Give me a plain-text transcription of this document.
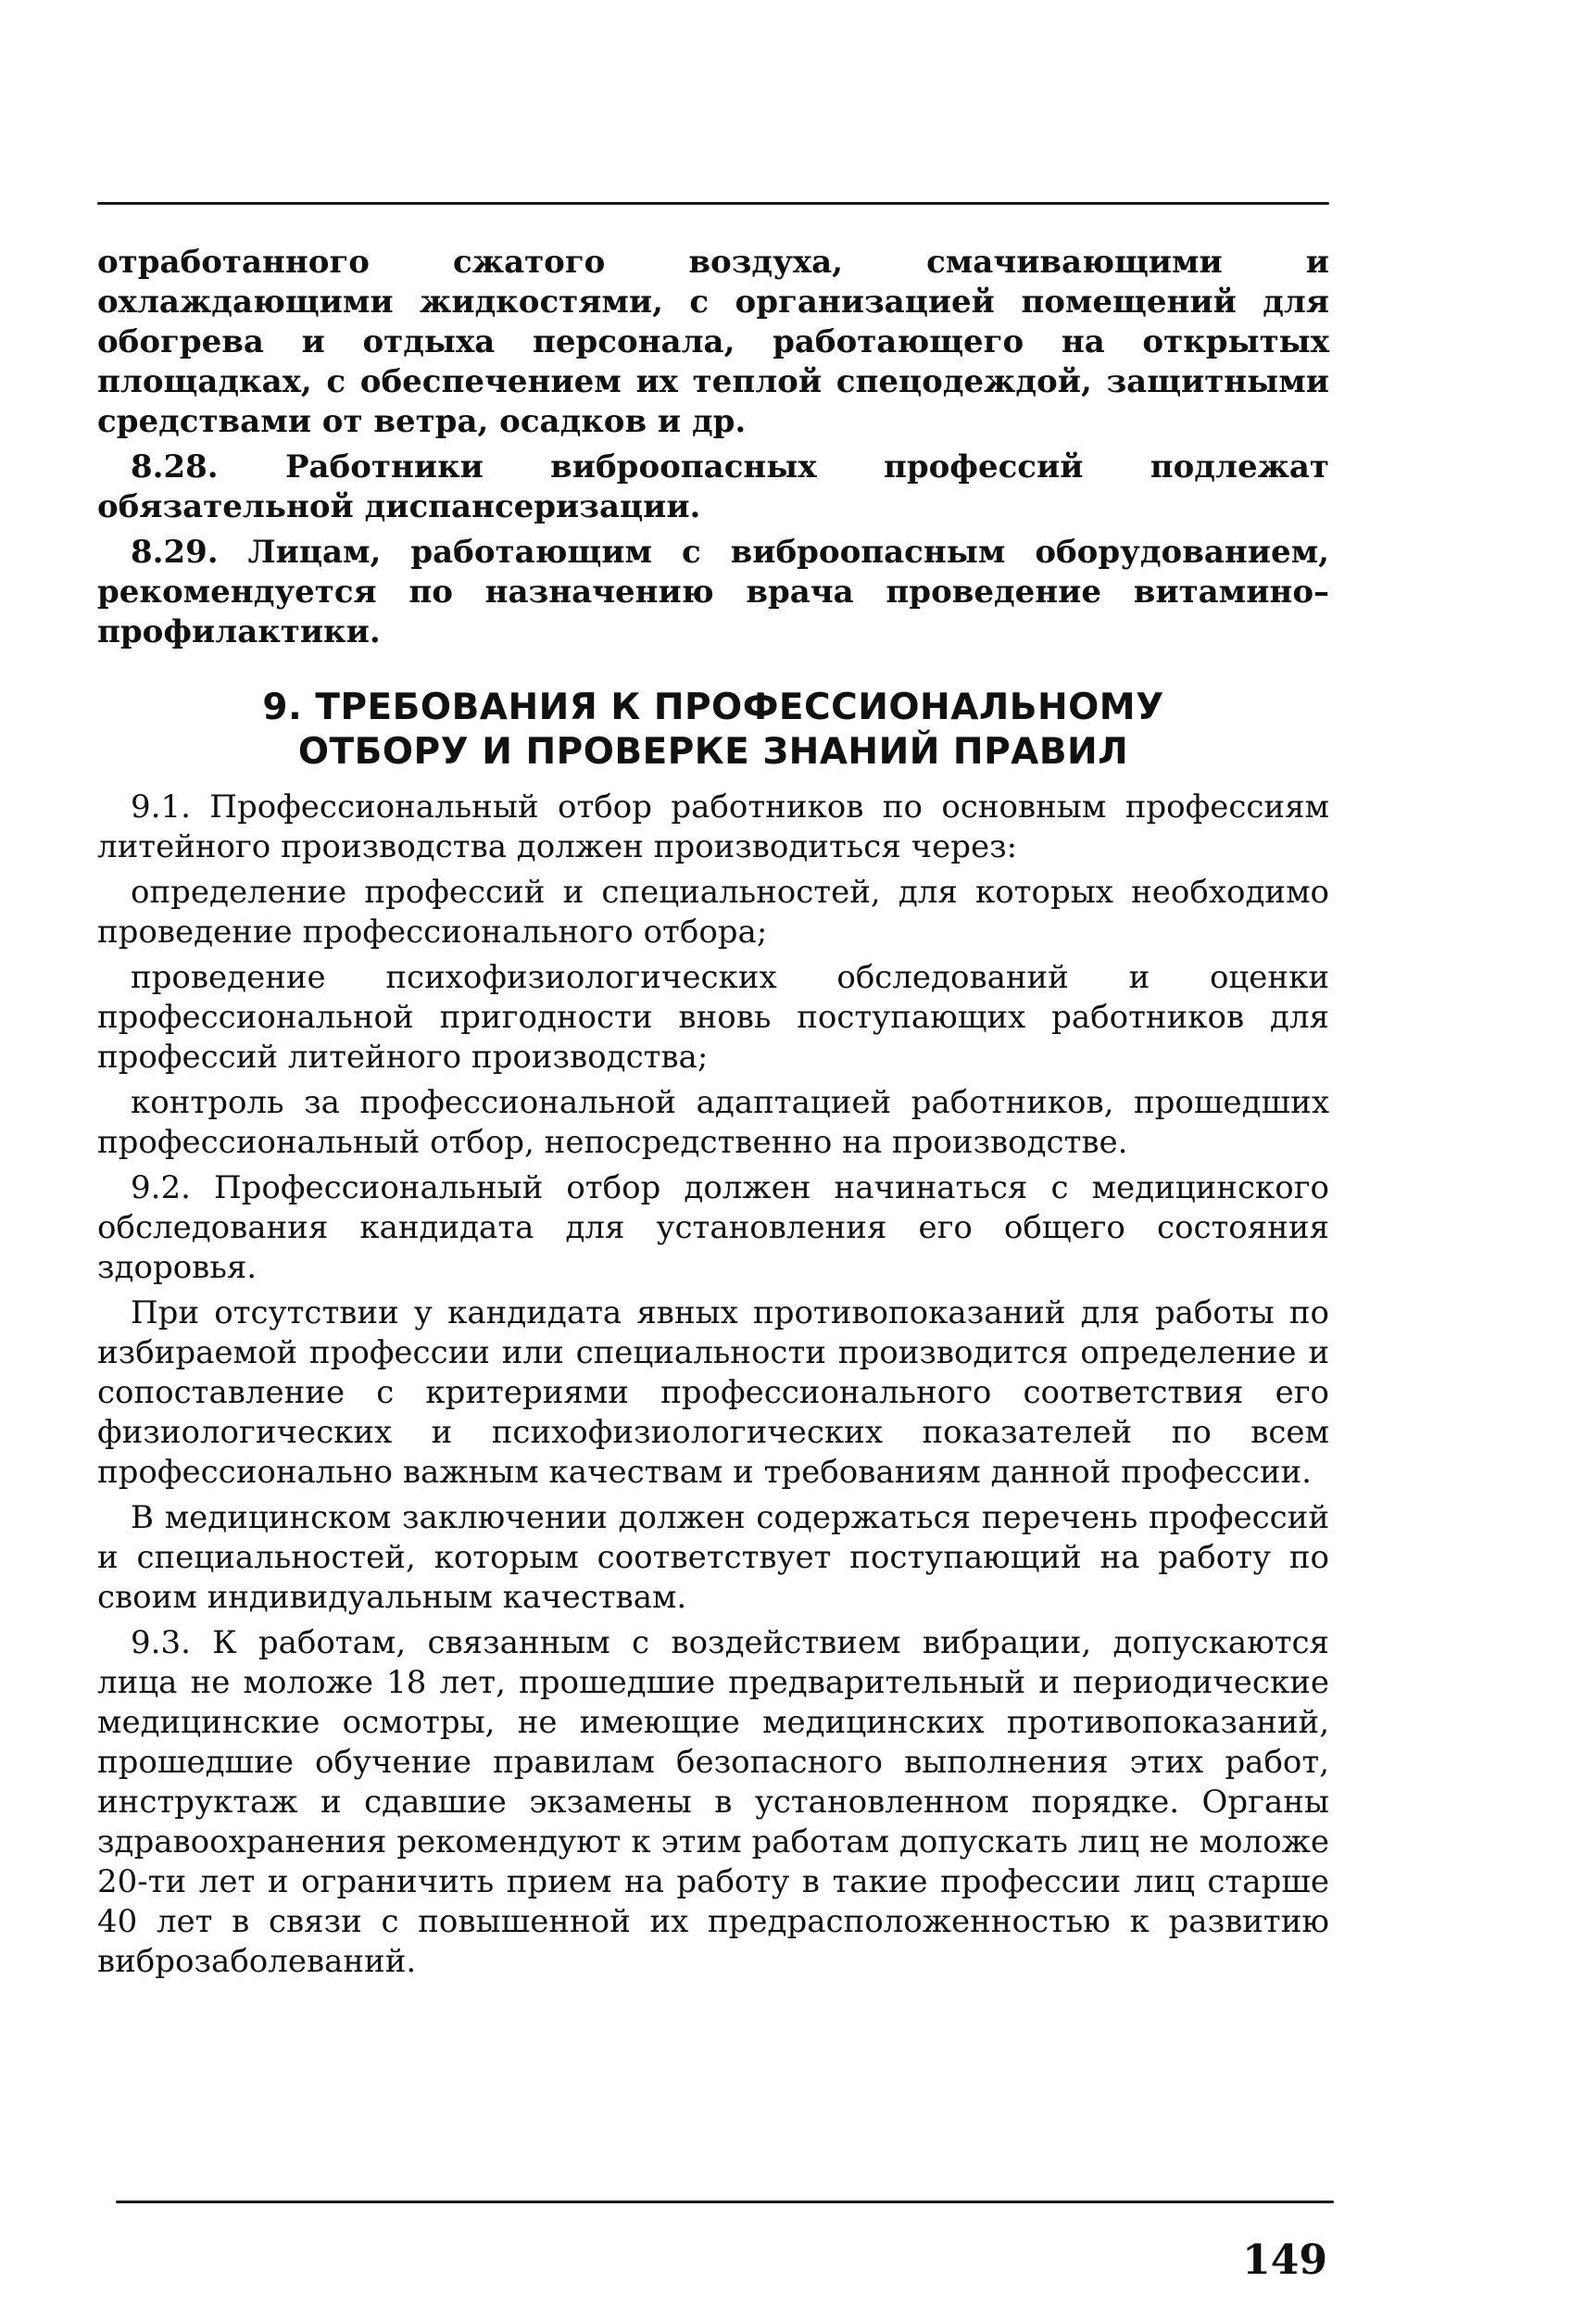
отработанного сжатого воздуха, смачивающими и охлаждающими жидкостями, с организацией помещений для обогрева и отдыха персонала, работающего на открытых площадках, с обеспечением их теплой спецодеждой, защитными средствами от ветра, осадков и др.

8.28. Работники виброопасных профессий подлежат обязательной диспансеризации.

8.29. Лицам, работающим с виброопасным оборудованием, рекомендуется по назначению врача проведение витамино–профилактики.

9. ТРЕБОВАНИЯ К ПРОФЕССИОНАЛЬНОМУ
ОТБОРУ И ПРОВЕРКЕ ЗНАНИЙ ПРАВИЛ

9.1. Профессиональный отбор работников по основным профессиям литейного производства должен производиться через:

определение профессий и специальностей, для которых необходимо проведение профессионального отбора;

проведение психофизиологических обследований и оценки профессиональной пригодности вновь поступающих работников для профессий литейного производства;

контроль за профессиональной адаптацией работников, прошедших профессиональный отбор, непосредственно на производстве.

9.2. Профессиональный отбор должен начинаться с медицинского обследования кандидата для установления его общего состояния здоровья.

При отсутствии у кандидата явных противопоказаний для работы по избираемой профессии или специальности производится определение и сопоставление с критериями профессионального соответствия его физиологических и психофизиологических показателей по всем профессионально важным качествам и требованиям данной профессии.

В медицинском заключении должен содержаться перечень профессий и специальностей, которым соответствует поступающий на работу по своим индивидуальным качествам.

9.3. К работам, связанным с воздействием вибрации, допускаются лица не моложе 18 лет, прошедшие предварительный и периодические медицинские осмотры, не имеющие медицинских противопоказаний, прошедшие обучение правилам безопасного выполнения этих работ, инструктаж и сдавшие экзамены в установленном порядке. Органы здравоохранения рекомендуют к этим работам допускать лиц не моложе 20-ти лет и ограничить прием на работу в такие профессии лиц старше 40 лет в связи с повышенной их предрасположенностью к развитию виброзаболеваний.

149
